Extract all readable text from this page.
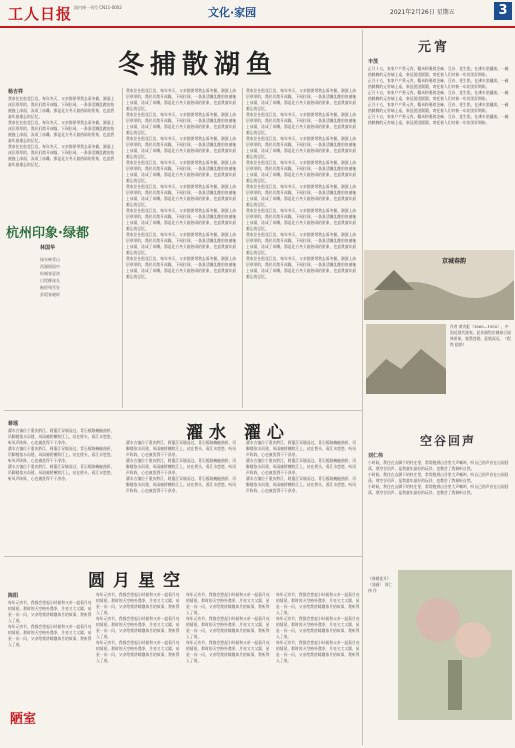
工人日报 国内统一刊号 CN11-0002	文化·家园	2021年2月26日 星期五	3
冬捕散湖鱼
杨吉祥
我家住在松花江边，每年冬天，父亲都要带我去看冬捕。湖面上冰层厚厚的，渔民们凿开冰眼，下网拉网，一条条活蹦乱跳的鱼被拖上冰面，冻成了冰雕。那是北方冬天最热闹的景象，也是我童年最难忘的记忆。
我家住在松花江边，每年冬天，父亲都要带我去看冬捕。湖面上冰层厚厚的，渔民们凿开冰眼，下网拉网，一条条活蹦乱跳的鱼被拖上冰面，冻成了冰雕。那是北方冬天最热闹的景象，也是我童年最难忘的记忆。
我家住在松花江边，每年冬天，父亲都要带我去看冬捕。湖面上冰层厚厚的，渔民们凿开冰眼，下网拉网，一条条活蹦乱跳的鱼被拖上冰面，冻成了冰雕。那是北方冬天最热闹的景象，也是我童年最难忘的记忆。
我家住在松花江边，每年冬天，父亲都要带我去看冬捕。湖面上冰层厚厚的，渔民们凿开冰眼，下网拉网，一条条活蹦乱跳的鱼被拖上冰面，冻成了冰雕。那是北方冬天最热闹的景象，也是我童年最难忘的记忆。
我家住在松花江边，每年冬天，父亲都要带我去看冬捕。湖面上冰层厚厚的，渔民们凿开冰眼，下网拉网，一条条活蹦乱跳的鱼被拖上冰面，冻成了冰雕。那是北方冬天最热闹的景象，也是我童年最难忘的记忆。
我家住在松花江边，每年冬天，父亲都要带我去看冬捕。湖面上冰层厚厚的，渔民们凿开冰眼，下网拉网，一条条活蹦乱跳的鱼被拖上冰面，冻成了冰雕。那是北方冬天最热闹的景象，也是我童年最难忘的记忆。
我家住在松花江边，每年冬天，父亲都要带我去看冬捕。湖面上冰层厚厚的，渔民们凿开冰眼，下网拉网，一条条活蹦乱跳的鱼被拖上冰面，冻成了冰雕。那是北方冬天最热闹的景象，也是我童年最难忘的记忆。
我家住在松花江边，每年冬天，父亲都要带我去看冬捕。湖面上冰层厚厚的，渔民们凿开冰眼，下网拉网，一条条活蹦乱跳的鱼被拖上冰面，冻成了冰雕。那是北方冬天最热闹的景象，也是我童年最难忘的记忆。
我家住在松花江边，每年冬天，父亲都要带我去看冬捕。湖面上冰层厚厚的，渔民们凿开冰眼，下网拉网，一条条活蹦乱跳的鱼被拖上冰面，冻成了冰雕。那是北方冬天最热闹的景象，也是我童年最难忘的记忆。
我家住在松花江边，每年冬天，父亲都要带我去看冬捕。湖面上冰层厚厚的，渔民们凿开冰眼，下网拉网，一条条活蹦乱跳的鱼被拖上冰面，冻成了冰雕。那是北方冬天最热闹的景象，也是我童年最难忘的记忆。
我家住在松花江边，每年冬天，父亲都要带我去看冬捕。湖面上冰层厚厚的，渔民们凿开冰眼，下网拉网，一条条活蹦乱跳的鱼被拖上冰面，冻成了冰雕。那是北方冬天最热闹的景象，也是我童年最难忘的记忆。
我家住在松花江边，每年冬天，父亲都要带我去看冬捕。湖面上冰层厚厚的，渔民们凿开冰眼，下网拉网，一条条活蹦乱跳的鱼被拖上冰面，冻成了冰雕。那是北方冬天最热闹的景象，也是我童年最难忘的记忆。
我家住在松花江边，每年冬天，父亲都要带我去看冬捕。湖面上冰层厚厚的，渔民们凿开冰眼，下网拉网，一条条活蹦乱跳的鱼被拖上冰面，冻成了冰雕。那是北方冬天最热闹的景象，也是我童年最难忘的记忆。
我家住在松花江边，每年冬天，父亲都要带我去看冬捕。湖面上冰层厚厚的，渔民们凿开冰眼，下网拉网，一条条活蹦乱跳的鱼被拖上冰面，冻成了冰雕。那是北方冬天最热闹的景象，也是我童年最难忘的记忆。
我家住在松花江边，每年冬天，父亲都要带我去看冬捕。湖面上冰层厚厚的，渔民们凿开冰眼，下网拉网，一条条活蹦乱跳的鱼被拖上冰面，冻成了冰雕。那是北方冬天最热闹的景象，也是我童年最难忘的记忆。
我家住在松花江边，每年冬天，父亲都要带我去看冬捕。湖面上冰层厚厚的，渔民们凿开冰眼，下网拉网，一条条活蹦乱跳的鱼被拖上冰面，冻成了冰雕。那是北方冬天最热闹的景象，也是我童年最难忘的记忆。
我家住在松花江边，每年冬天，父亲都要带我去看冬捕。湖面上冰层厚厚的，渔民们凿开冰眼，下网拉网，一条条活蹦乱跳的鱼被拖上冰面，冻成了冰雕。那是北方冬天最热闹的景象，也是我童年最难忘的记忆。
我家住在松花江边，每年冬天，父亲都要带我去看冬捕。湖面上冰层厚厚的，渔民们凿开冰眼，下网拉网，一条条活蹦乱跳的鱼被拖上冰面，冻成了冰雕。那是北方冬天最热闹的景象，也是我童年最难忘的记忆。
我家住在松花江边，每年冬天，父亲都要带我去看冬捕。湖面上冰层厚厚的，渔民们凿开冰眼，下网拉网，一条条活蹦乱跳的鱼被拖上冰面，冻成了冰雕。那是北方冬天最热闹的景象，也是我童年最难忘的记忆。
杭州印象·绿都
林国华
绿水映青山
西湖烟雨中
杭城春意浓
白堤柳丝长
断桥残雪处
苏堤春晓时
元宵
丰茂
正月十五，家家户户煮元宵。糯米粉裹着芝麻、豆沙、花生馅，在沸水里翻滚。一碗热腾腾的元宵端上桌，象征团团圆圆，寄托着人们对新一年的美好期盼。
正月十五，家家户户煮元宵。糯米粉裹着芝麻、豆沙、花生馅，在沸水里翻滚。一碗热腾腾的元宵端上桌，象征团团圆圆，寄托着人们对新一年的美好期盼。
正月十五，家家户户煮元宵。糯米粉裹着芝麻、豆沙、花生馅，在沸水里翻滚。一碗热腾腾的元宵端上桌，象征团团圆圆，寄托着人们对新一年的美好期盼。
正月十五，家家户户煮元宵。糯米粉裹着芝麻、豆沙、花生馅，在沸水里翻滚。一碗热腾腾的元宵端上桌，象征团团圆圆，寄托着人们对新一年的美好期盼。
正月十五，家家户户煮元宵。糯米粉裹着芝麻、豆沙、花生馅，在沸水里翻滚。一碗热腾腾的元宵端上桌，象征团团圆圆，寄托着人们对新一年的美好期盼。
京城春韵
作者 黄宾虹（1865—1955），中国近现代画家。此作描绘京城春日园林景象，笔墨苍润，意境深远。（程铁 提供）
濯水 濯心
蒋瑶
濯水古镇位于重庆黔江，阿蓬江穿镇而过。青石板路蜿蜒曲折，吊脚楼依水而建，风雨廊桥横跨江上。站在桥头，看江水悠悠，听风声阵阵，心也被洗得干干净净。
濯水古镇位于重庆黔江，阿蓬江穿镇而过。青石板路蜿蜒曲折，吊脚楼依水而建，风雨廊桥横跨江上。站在桥头，看江水悠悠，听风声阵阵，心也被洗得干干净净。
濯水古镇位于重庆黔江，阿蓬江穿镇而过。青石板路蜿蜒曲折，吊脚楼依水而建，风雨廊桥横跨江上。站在桥头，看江水悠悠，听风声阵阵，心也被洗得干干净净。
濯水古镇位于重庆黔江，阿蓬江穿镇而过。青石板路蜿蜒曲折，吊脚楼依水而建，风雨廊桥横跨江上。站在桥头，看江水悠悠，听风声阵阵，心也被洗得干干净净。
濯水古镇位于重庆黔江，阿蓬江穿镇而过。青石板路蜿蜒曲折，吊脚楼依水而建，风雨廊桥横跨江上。站在桥头，看江水悠悠，听风声阵阵，心也被洗得干干净净。
濯水古镇位于重庆黔江，阿蓬江穿镇而过。青石板路蜿蜒曲折，吊脚楼依水而建，风雨廊桥横跨江上。站在桥头，看江水悠悠，听风声阵阵，心也被洗得干干净净。
濯水古镇位于重庆黔江，阿蓬江穿镇而过。青石板路蜿蜒曲折，吊脚楼依水而建，风雨廊桥横跨江上。站在桥头，看江水悠悠，听风声阵阵，心也被洗得干干净净。
濯水古镇位于重庆黔江，阿蓬江穿镇而过。青石板路蜿蜒曲折，吊脚楼依水而建，风雨廊桥横跨江上。站在桥头，看江水悠悠，听风声阵阵，心也被洗得干干净净。
濯水古镇位于重庆黔江，阿蓬江穿镇而过。青石板路蜿蜒曲折，吊脚楼依水而建，风雨廊桥横跨江上。站在桥头，看江水悠悠，听风声阵阵，心也被洗得干干净净。
空谷回声
刘仁伟
小时候，我住在山脚下的村庄里，常常跑到山谷里大声喊叫，听自己的声音在山间回荡。那空谷回声，是我童年最好的玩伴，也教会了我倾听自然。
小时候，我住在山脚下的村庄里，常常跑到山谷里大声喊叫，听自己的声音在山间回荡。那空谷回声，是我童年最好的玩伴，也教会了我倾听自然。
小时候，我住在山脚下的村庄里，常常跑到山谷里大声喊叫，听自己的声音在山间回荡。那空谷回声，是我童年最好的玩伴，也教会了我倾听自然。
圆月星空
陈阳
每年元宵节，我都会想起小时候和父亲一起看月亮的情景。那时的天空格外澄净，月亮又大又圆，星星一闪一闪，父亲给我讲嫦娥奔月的故事，我听得入了迷。
每年元宵节，我都会想起小时候和父亲一起看月亮的情景。那时的天空格外澄净，月亮又大又圆，星星一闪一闪，父亲给我讲嫦娥奔月的故事，我听得入了迷。
每年元宵节，我都会想起小时候和父亲一起看月亮的情景。那时的天空格外澄净，月亮又大又圆，星星一闪一闪，父亲给我讲嫦娥奔月的故事，我听得入了迷。
每年元宵节，我都会想起小时候和父亲一起看月亮的情景。那时的天空格外澄净，月亮又大又圆，星星一闪一闪，父亲给我讲嫦娥奔月的故事，我听得入了迷。
每年元宵节，我都会想起小时候和父亲一起看月亮的情景。那时的天空格外澄净，月亮又大又圆，星星一闪一闪，父亲给我讲嫦娥奔月的故事，我听得入了迷。
每年元宵节，我都会想起小时候和父亲一起看月亮的情景。那时的天空格外澄净，月亮又大又圆，星星一闪一闪，父亲给我讲嫦娥奔月的故事，我听得入了迷。
每年元宵节，我都会想起小时候和父亲一起看月亮的情景。那时的天空格外澄净，月亮又大又圆，星星一闪一闪，父亲给我讲嫦娥奔月的故事，我听得入了迷。
每年元宵节，我都会想起小时候和父亲一起看月亮的情景。那时的天空格外澄净，月亮又大又圆，星星一闪一闪，父亲给我讲嫦娥奔月的故事，我听得入了迷。
每年元宵节，我都会想起小时候和父亲一起看月亮的情景。那时的天空格外澄净，月亮又大又圆，星星一闪一闪，父亲给我讲嫦娥奔月的故事，我听得入了迷。
每年元宵节，我都会想起小时候和父亲一起看月亮的情景。那时的天空格外澄净，月亮又大又圆，星星一闪一闪，父亲给我讲嫦娥奔月的故事，我听得入了迷。
每年元宵节，我都会想起小时候和父亲一起看月亮的情景。那时的天空格外澄净，月亮又大又圆，星星一闪一闪，父亲给我讲嫦娥奔月的故事，我听得入了迷。
《春暖花开》（油画） 刘仁伟 作
陋室
